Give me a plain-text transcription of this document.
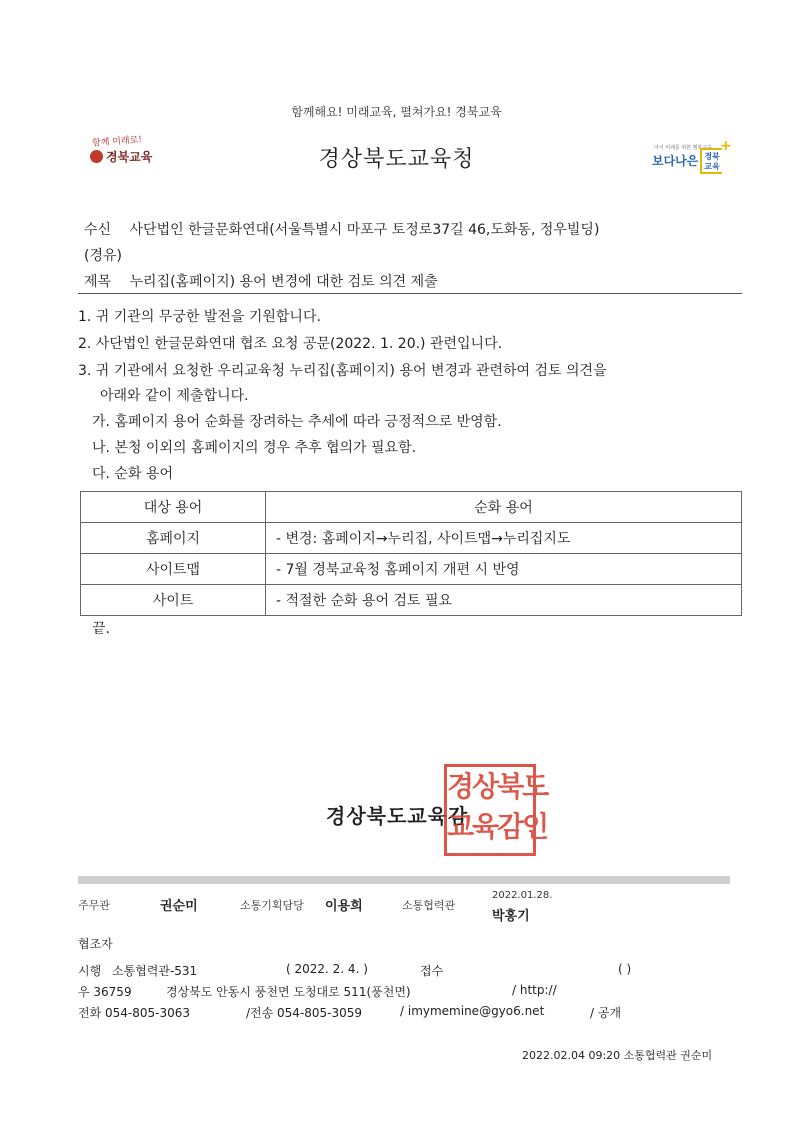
함께해요! 미래교육, 펼쳐가요! 경북교육
함께 미래로!
경북교육	경상북도교육청	아이 미래를 위한 행복교육
보다나은 경북
교육
+
수신 사단법인 한글문화연대(서울특별시 마포구 토정로37길 46,도화동, 정우빌딩)
(경유)
제목 누리집(홈페이지) 용어 변경에 대한 검토 의견 제출
1. 귀 기관의 무궁한 발전을 기원합니다.
2. 사단법인 한글문화연대 협조 요청 공문(2022. 1. 20.) 관련입니다.
3. 귀 기관에서 요청한 우리교육청 누리집(홈페이지) 용어 변경과 관련하여 검토 의견을
아래와 같이 제출합니다.
가. 홈페이지 용어 순화를 장려하는 추세에 따라 긍정적으로 반영함.
나. 본청 이외의 홈페이지의 경우 추후 협의가 필요함.
다. 순화 용어
대상 용어	순화 용어
홈페이지	- 변경: 홈페이지→누리집, 사이트맵→누리집지도
사이트맵	- 7월 경북교육청 홈페이지 개편 시 반영
사이트	- 적절한 순화 용어 검토 필요
끝.
경상북도교육감
경상북도
교육감인
주무관	권순미	소통기획담당 이용희	소통협력관
2022.01.28.
박홍기
협조자
시행 소통협력관-531	( 2022. 2. 4. )	접수	( )
우 36759	경상북도 안동시 풍천면 도청대로 511(풍천면)	/ http://
전화 054-805-3063	/전송 054-805-3059	/ imymemine@gyo6.net	/ 공개
2022.02.04 09:20 소통협력관 권순미
